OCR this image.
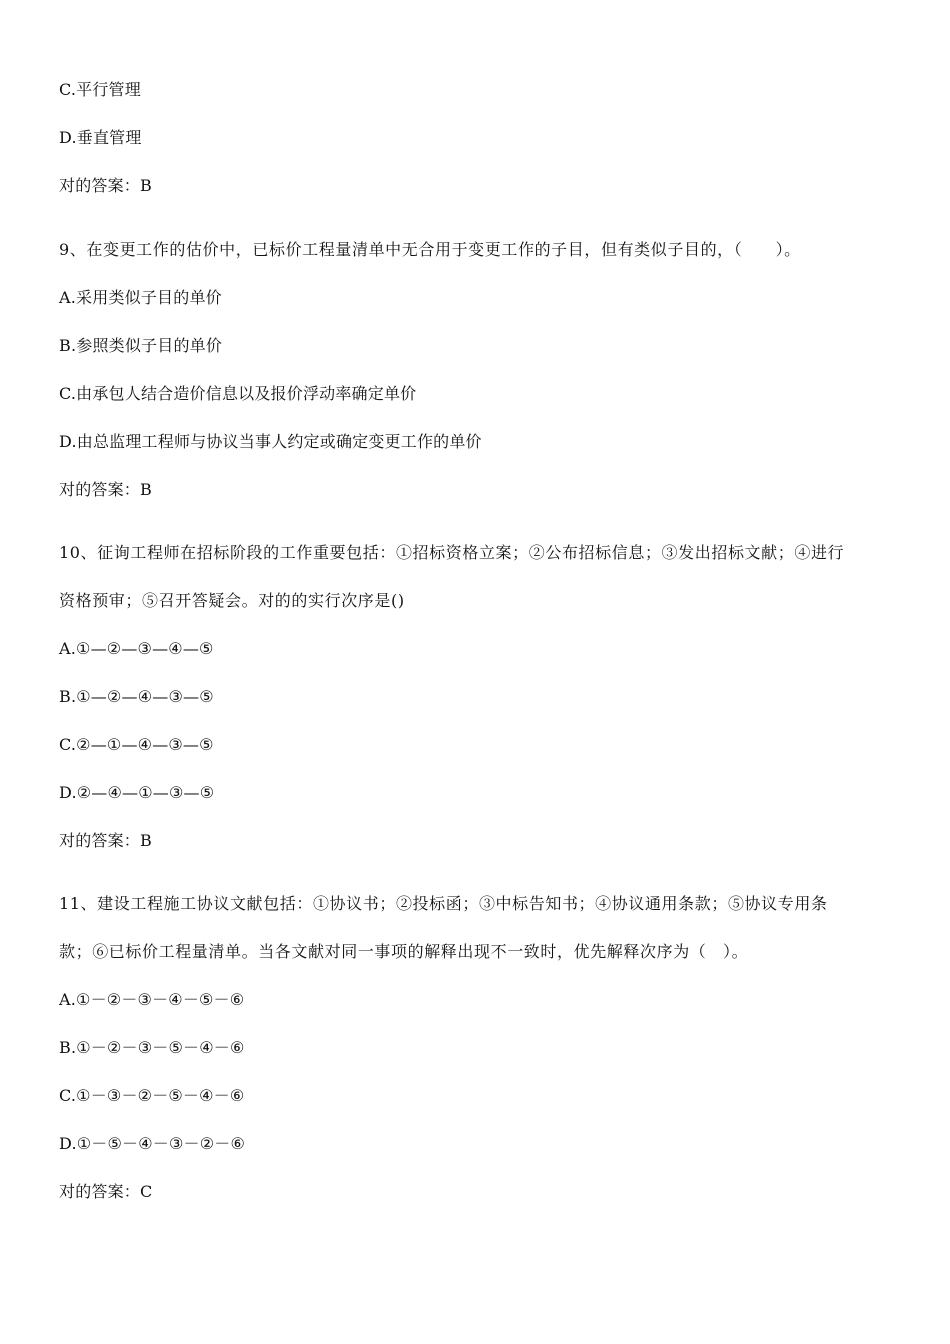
C.平行管理
D.垂直管理
对的答案：B
9、在变更工作的估价中，已标价工程量清单中无合用于变更工作的子目，但有类似子目的，（　　）。
A.采用类似子目的单价
B.参照类似子目的单价
C.由承包人结合造价信息以及报价浮动率确定单价
D.由总监理工程师与协议当事人约定或确定变更工作的单价
对的答案：B
10、征询工程师在招标阶段的工作重要包括：①招标资格立案；②公布招标信息；③发出招标文献；④进行
资格预审；⑤召开答疑会。对的的实行次序是()
A.①—②—③—④—⑤
B.①—②—④—③—⑤
C.②—①—④—③—⑤
D.②—④—①—③—⑤
对的答案：B
11、建设工程施工协议文献包括：①协议书；②投标函；③中标告知书；④协议通用条款；⑤协议专用条
款；⑥已标价工程量清单。当各文献对同一事项的解释出现不一致时，优先解释次序为（　）。
A.①－②－③－④－⑤－⑥
B.①－②－③－⑤－④－⑥
C.①－③－②－⑤－④－⑥
D.①－⑤－④－③－②－⑥
对的答案：C
